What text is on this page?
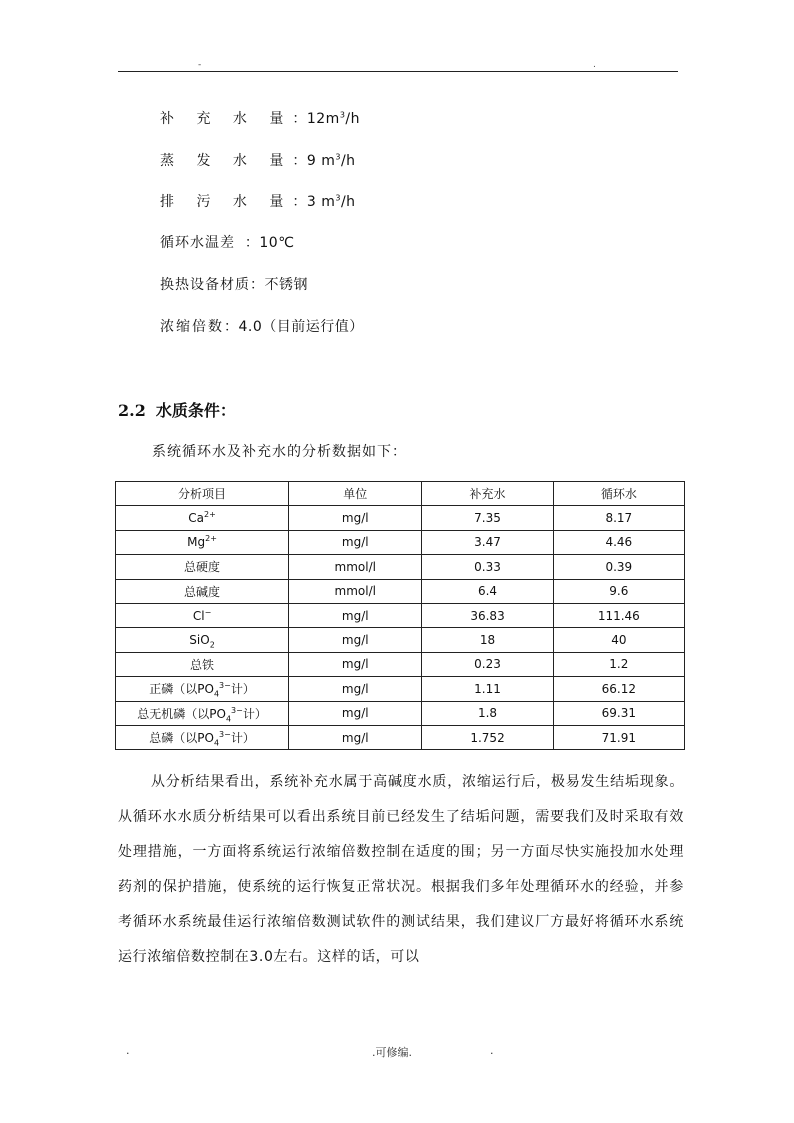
-	.
补 充 水 量：$12m^3/h$
蒸 发 水 量：9 $m^3/h$
排 污 水 量：3 $m^3/h$
循环水温差  ：10℃
换热设备材质：不锈钢
浓缩倍数：4.0（目前运行值）
2.2 水质条件：
系统循环水及补充水的分析数据如下：
分析项目	单位	补充水	循环水
$Ca^{2+}$	mg/l	7.35	8.17
$Mg^{2+}$	mg/l	3.47	4.46
总硬度	mmol/l	0.33	0.39
总碱度	mmol/l	6.4	9.6
Cl−	mg/l	36.83	111.46
SiO$_2$	mg/l	18	40
总铁	mg/l	0.23	1.2
正磷（以$PO_4^{3-}$计）	mg/l	1.11	66.12
总无机磷（以$PO_4^{3-}$计）	mg/l	1.8	69.31
总磷（以$PO_4^{3-}$计）	mg/l	1.752	71.91
从分析结果看出，系统补充水属于高碱度水质，浓缩运行后，极易发生结垢现象。从循环水水质分析结果可以看出系统目前已经发生了结垢问题，需要我们及时采取有效处理措施，一方面将系统运行浓缩倍数控制在适度的围；另一方面尽快实施投加水处理药剂的保护措施，使系统的运行恢复正常状况。根据我们多年处理循环水的经验，并参考循环水系统最佳运行浓缩倍数测试软件的测试结果，我们建议厂方最好将循环水系统运行浓缩倍数控制在3.0左右。这样的话，可以
.	.可修编.	.
